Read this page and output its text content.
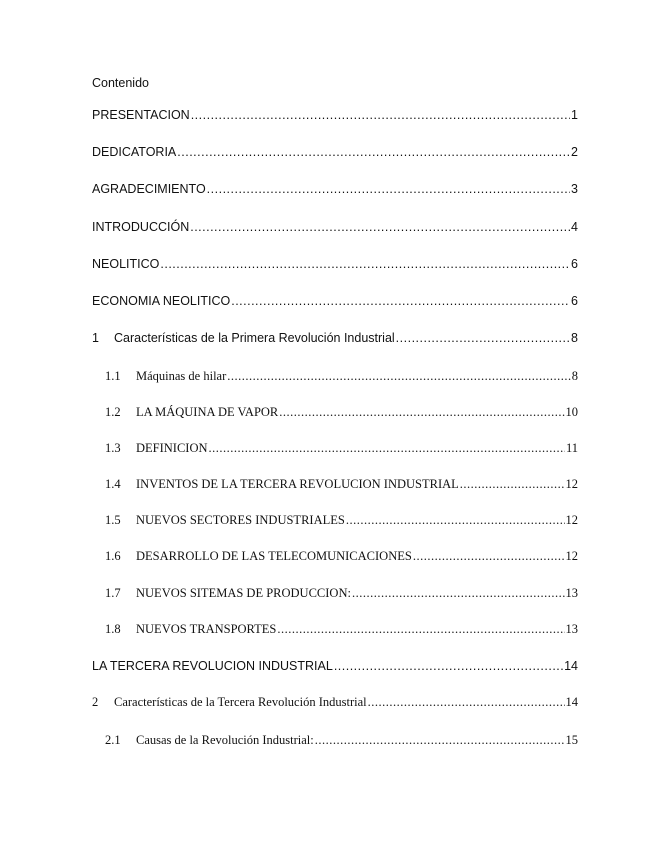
Contenido
PRESENTACION .....	1
DEDICATORIA .....	2
AGRADECIMIENTO .....	3
INTRODUCCIÓN .....	4
NEOLITICO .....	6
ECONOMIA NEOLITICO .....	6
1	Características de la Primera Revolución Industrial .....	8
1.1	Máquinas de hilar .....	8
1.2	LA MÁQUINA DE VAPOR .....	10
1.3	DEFINICION .....	11
1.4	INVENTOS DE LA TERCERA REVOLUCION INDUSTRIAL .....	12
1.5	NUEVOS SECTORES INDUSTRIALES .....	12
1.6	DESARROLLO DE LAS TELECOMUNICACIONES .....	12
1.7	NUEVOS SITEMAS DE PRODUCCION: .....	13
1.8	NUEVOS TRANSPORTES .....	13
LA TERCERA REVOLUCION INDUSTRIAL .....	14
2	Características de la Tercera Revolución Industrial .....	14
2.1	Causas de la Revolución Industrial: .....	15
